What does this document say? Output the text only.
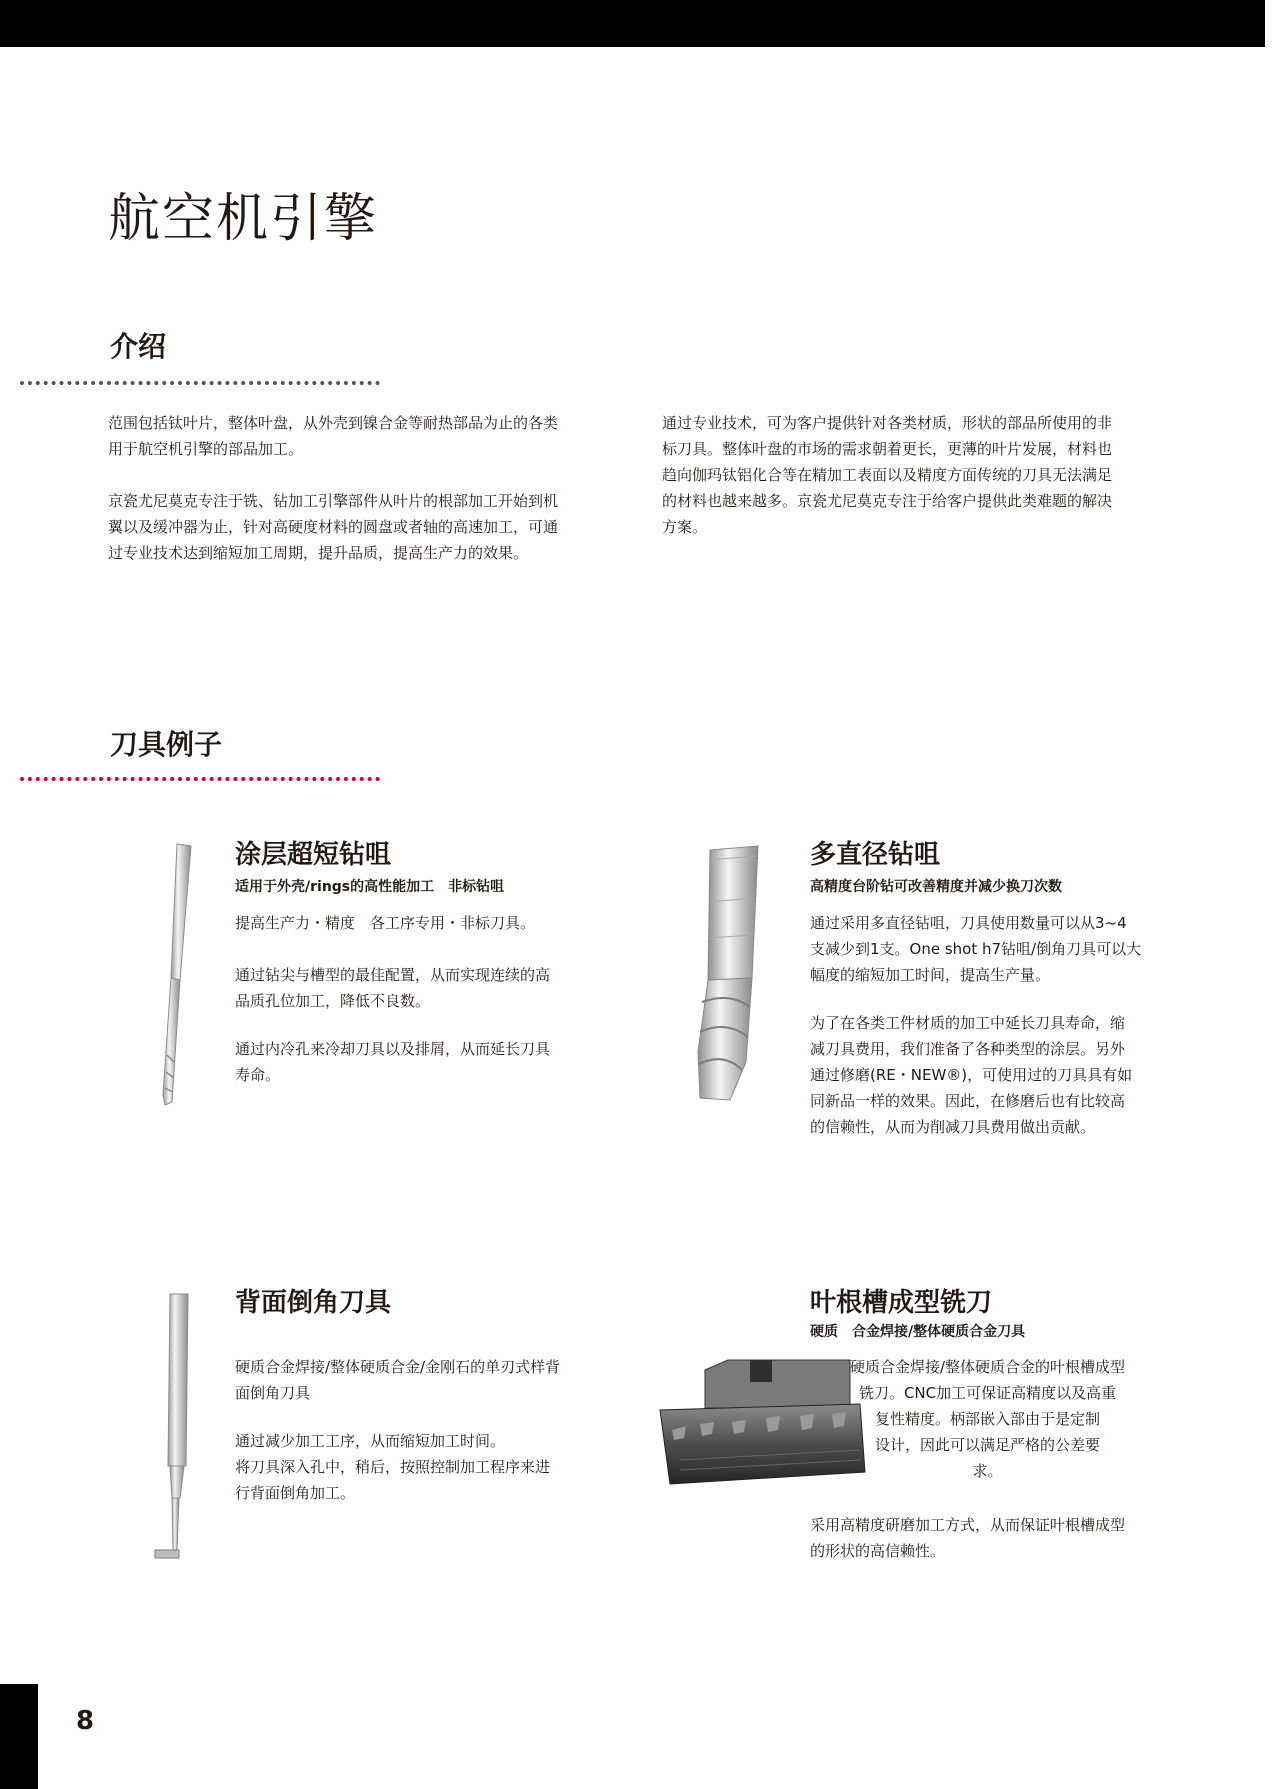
航空机引擎
介绍

范围包括钛叶片，整体叶盘，从外壳到镍合金等耐热部品为止的各类
用于航空机引擎的部品加工。

京瓷尤尼莫克专注于铣、钻加工引擎部件从叶片的根部加工开始到机
翼以及缓冲器为止，针对高硬度材料的圆盘或者轴的高速加工，可通
过专业技术达到缩短加工周期，提升品质，提高生产力的效果。

通过专业技术，可为客户提供针对各类材质，形状的部品所使用的非
标刀具。整体叶盘的市场的需求朝着更长，更薄的叶片发展，材料也
趋向伽玛钛铝化合等在精加工表面以及精度方面传统的刀具无法满足
的材料也越来越多。京瓷尤尼莫克专注于给客户提供此类难题的解决
方案。

刀具例子
涂层超短钻咀

适用于外壳/rings的高性能加工　非标钻咀

提高生产力・精度　各工序专用・非标刀具。

通过钻尖与槽型的最佳配置，从而实现连续的高
品质孔位加工，降低不良数。

通过内冷孔来冷却刀具以及排屑，从而延长刀具
寿命。

多直径钻咀

高精度台阶钻可改善精度并减少换刀次数

通过采用多直径钻咀，刀具使用数量可以从3~4
支减少到1支。One shot h7钻咀/倒角刀具可以大
幅度的缩短加工时间，提高生产量。

为了在各类工件材质的加工中延长刀具寿命，缩
减刀具费用，我们准备了各种类型的涂层。另外
通过修磨(RE・NEW®)，可使用过的刀具具有如
同新品一样的效果。因此，在修磨后也有比较高
的信赖性，从而为削减刀具费用做出贡献。

背面倒角刀具

硬质合金焊接/整体硬质合金/金刚石的单刃式样背
面倒角刀具

通过减少加工工序，从而缩短加工时间。
将刀具深入孔中，稍后，按照控制加工程序来进
行背面倒角加工。

叶根槽成型铣刀

硬质　合金焊接/整体硬质合金刀具

硬质合金焊接/整体硬质合金的叶根槽成型
铣刀。CNC加工可保证高精度以及高重
复性精度。柄部嵌入部由于是定制
设计，因此可以满足严格的公差要
求。

采用高精度研磨加工方式，从而保证叶根槽成型
的形状的高信赖性。

8
